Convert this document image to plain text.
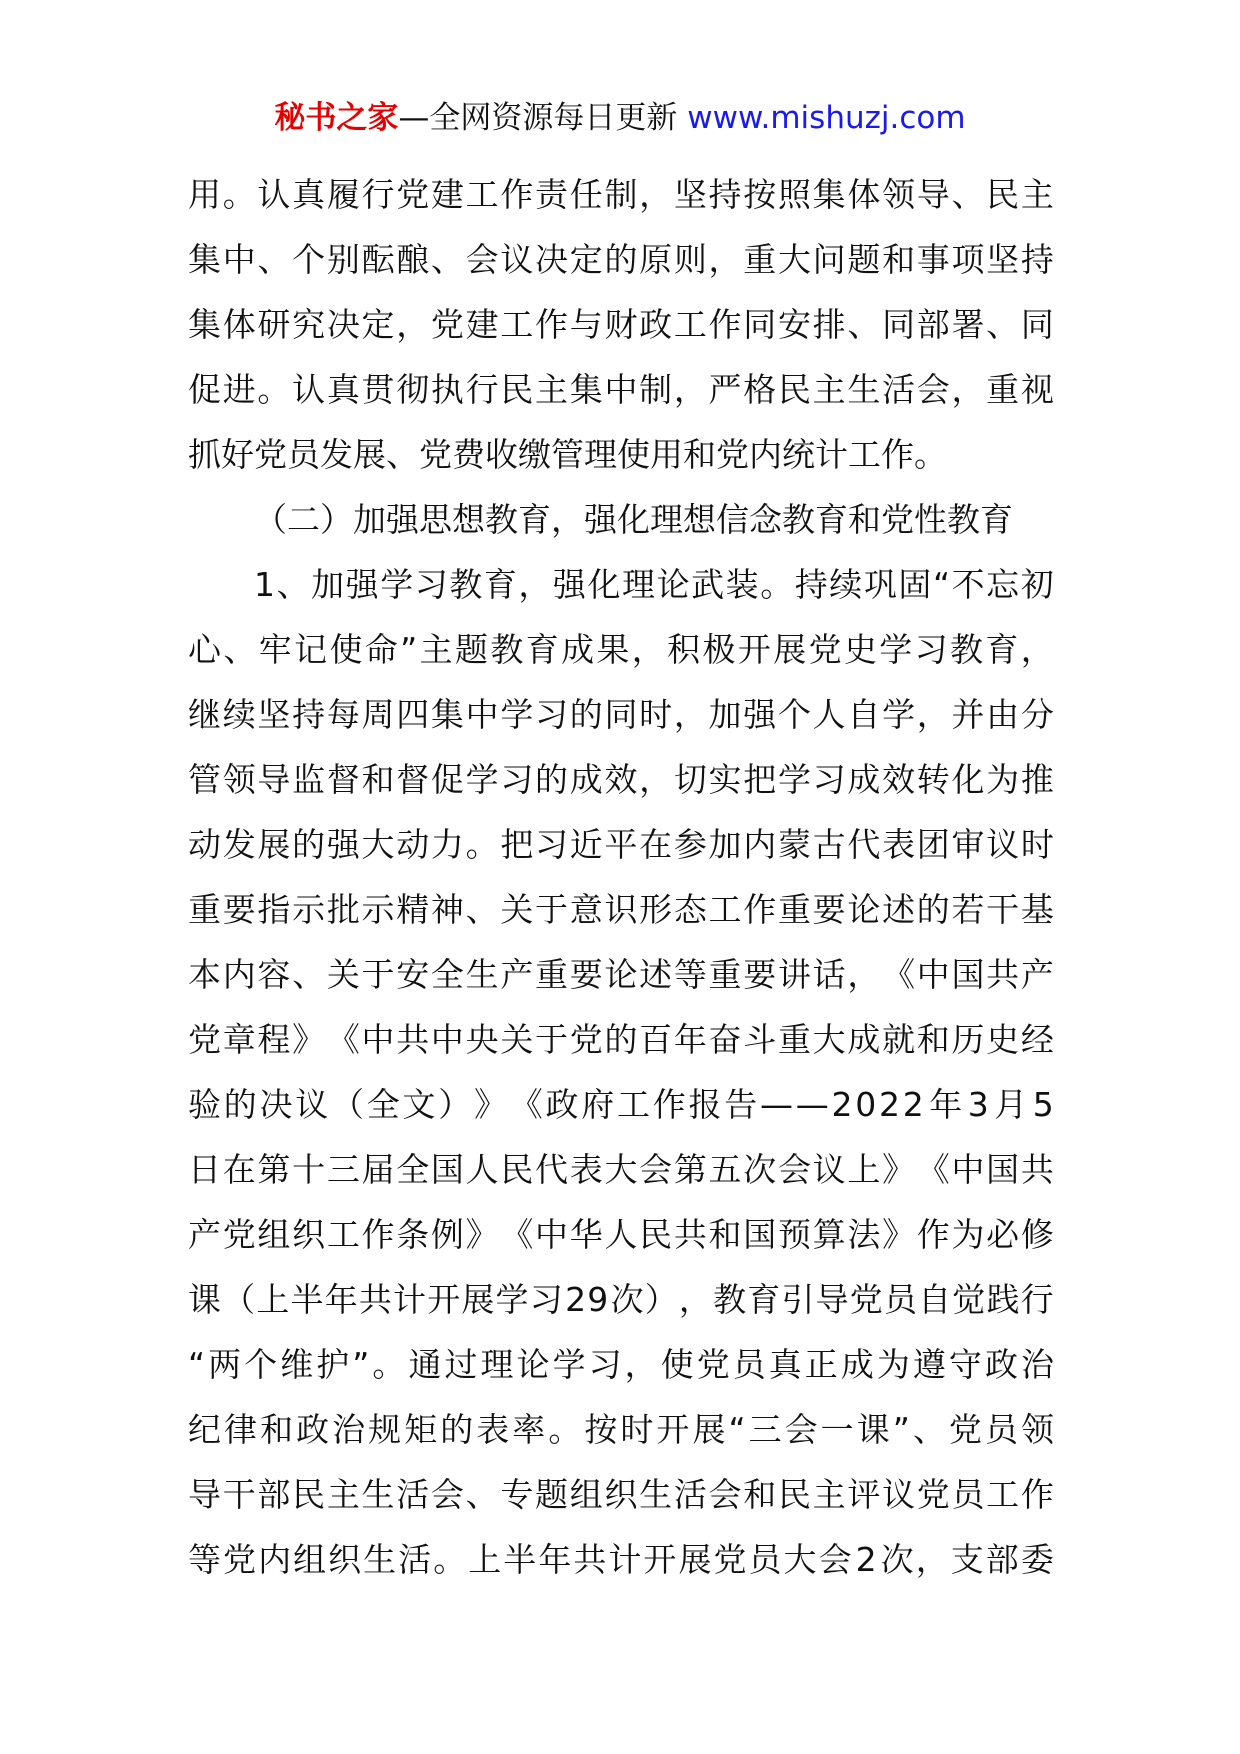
秘书之家—全网资源每日更新 www.mishuzj.com
用 。 认 真 履 行 党 建 工 作 责 任 制 ， 坚 持 按 照 集 体 领 导 、 民 主
集 中 、 个 别 酝 酿 、 会 议 决 定 的 原 则 ， 重 大 问 题 和 事 项 坚 持
集 体 研 究 决 定 ， 党 建 工 作 与 财 政 工 作 同 安 排 、 同 部 署 、 同
促 进 。 认 真 贯 彻 执 行 民 主 集 中 制 ， 严 格 民 主 生 活 会 ， 重 视
抓好党员发展、党费收缴管理使用和党内统计工作。
（二）加强思想教育，强化理想信念教育和党性教育
1 、 加 强 学 习 教 育 ， 强 化 理 论 武 装 。 持 续 巩 固 “ 不 忘 初
心 、 牢 记 使 命 ” 主 题 教 育 成 果 ， 积 极 开 展 党 史 学 习 教 育 ，
继 续 坚 持 每 周 四 集 中 学 习 的 同 时 ， 加 强 个 人 自 学 ， 并 由 分
管 领 导 监 督 和 督 促 学 习 的 成 效 ， 切 实 把 学 习 成 效 转 化 为 推
动 发 展 的 强 大 动 力 。 把 习 近 平 在 参 加 内 蒙 古 代 表 团 审 议 时
重 要 指 示 批 示 精 神 、 关 于 意 识 形 态 工 作 重 要 论 述 的 若 干 基
本 内 容 、 关 于 安 全 生 产 重 要 论 述 等 重 要 讲 话 ， 《 中 国 共 产
党 章 程 》 《 中 共 中 央 关 于 党 的 百 年 奋 斗 重 大 成 就 和 历 史 经
验 的 决 议 （ 全 文 ） 》 《 政 府 工 作 报 告 — — 2 0 2 2 年 3 月 5
日 在 第 十 三 届 全 国 人 民 代 表 大 会 第 五 次 会 议 上 》 《 中 国 共
产 党 组 织 工 作 条 例 》 《 中 华 人 民 共 和 国 预 算 法 》 作 为 必 修
课 （ 上 半 年 共 计 开 展 学 习 2 9 次 ） ， 教 育 引 导 党 员 自 觉 践 行
“ 两 个 维 护 ” 。 通 过 理 论 学 习 ， 使 党 员 真 正 成 为 遵 守 政 治
纪 律 和 政 治 规 矩 的 表 率 。 按 时 开 展 “ 三 会 一 课 ” 、 党 员 领
导 干 部 民 主 生 活 会 、 专 题 组 织 生 活 会 和 民 主 评 议 党 员 工 作
等 党 内 组 织 生 活 。 上 半 年 共 计 开 展 党 员 大 会 2 次 ， 支 部 委
